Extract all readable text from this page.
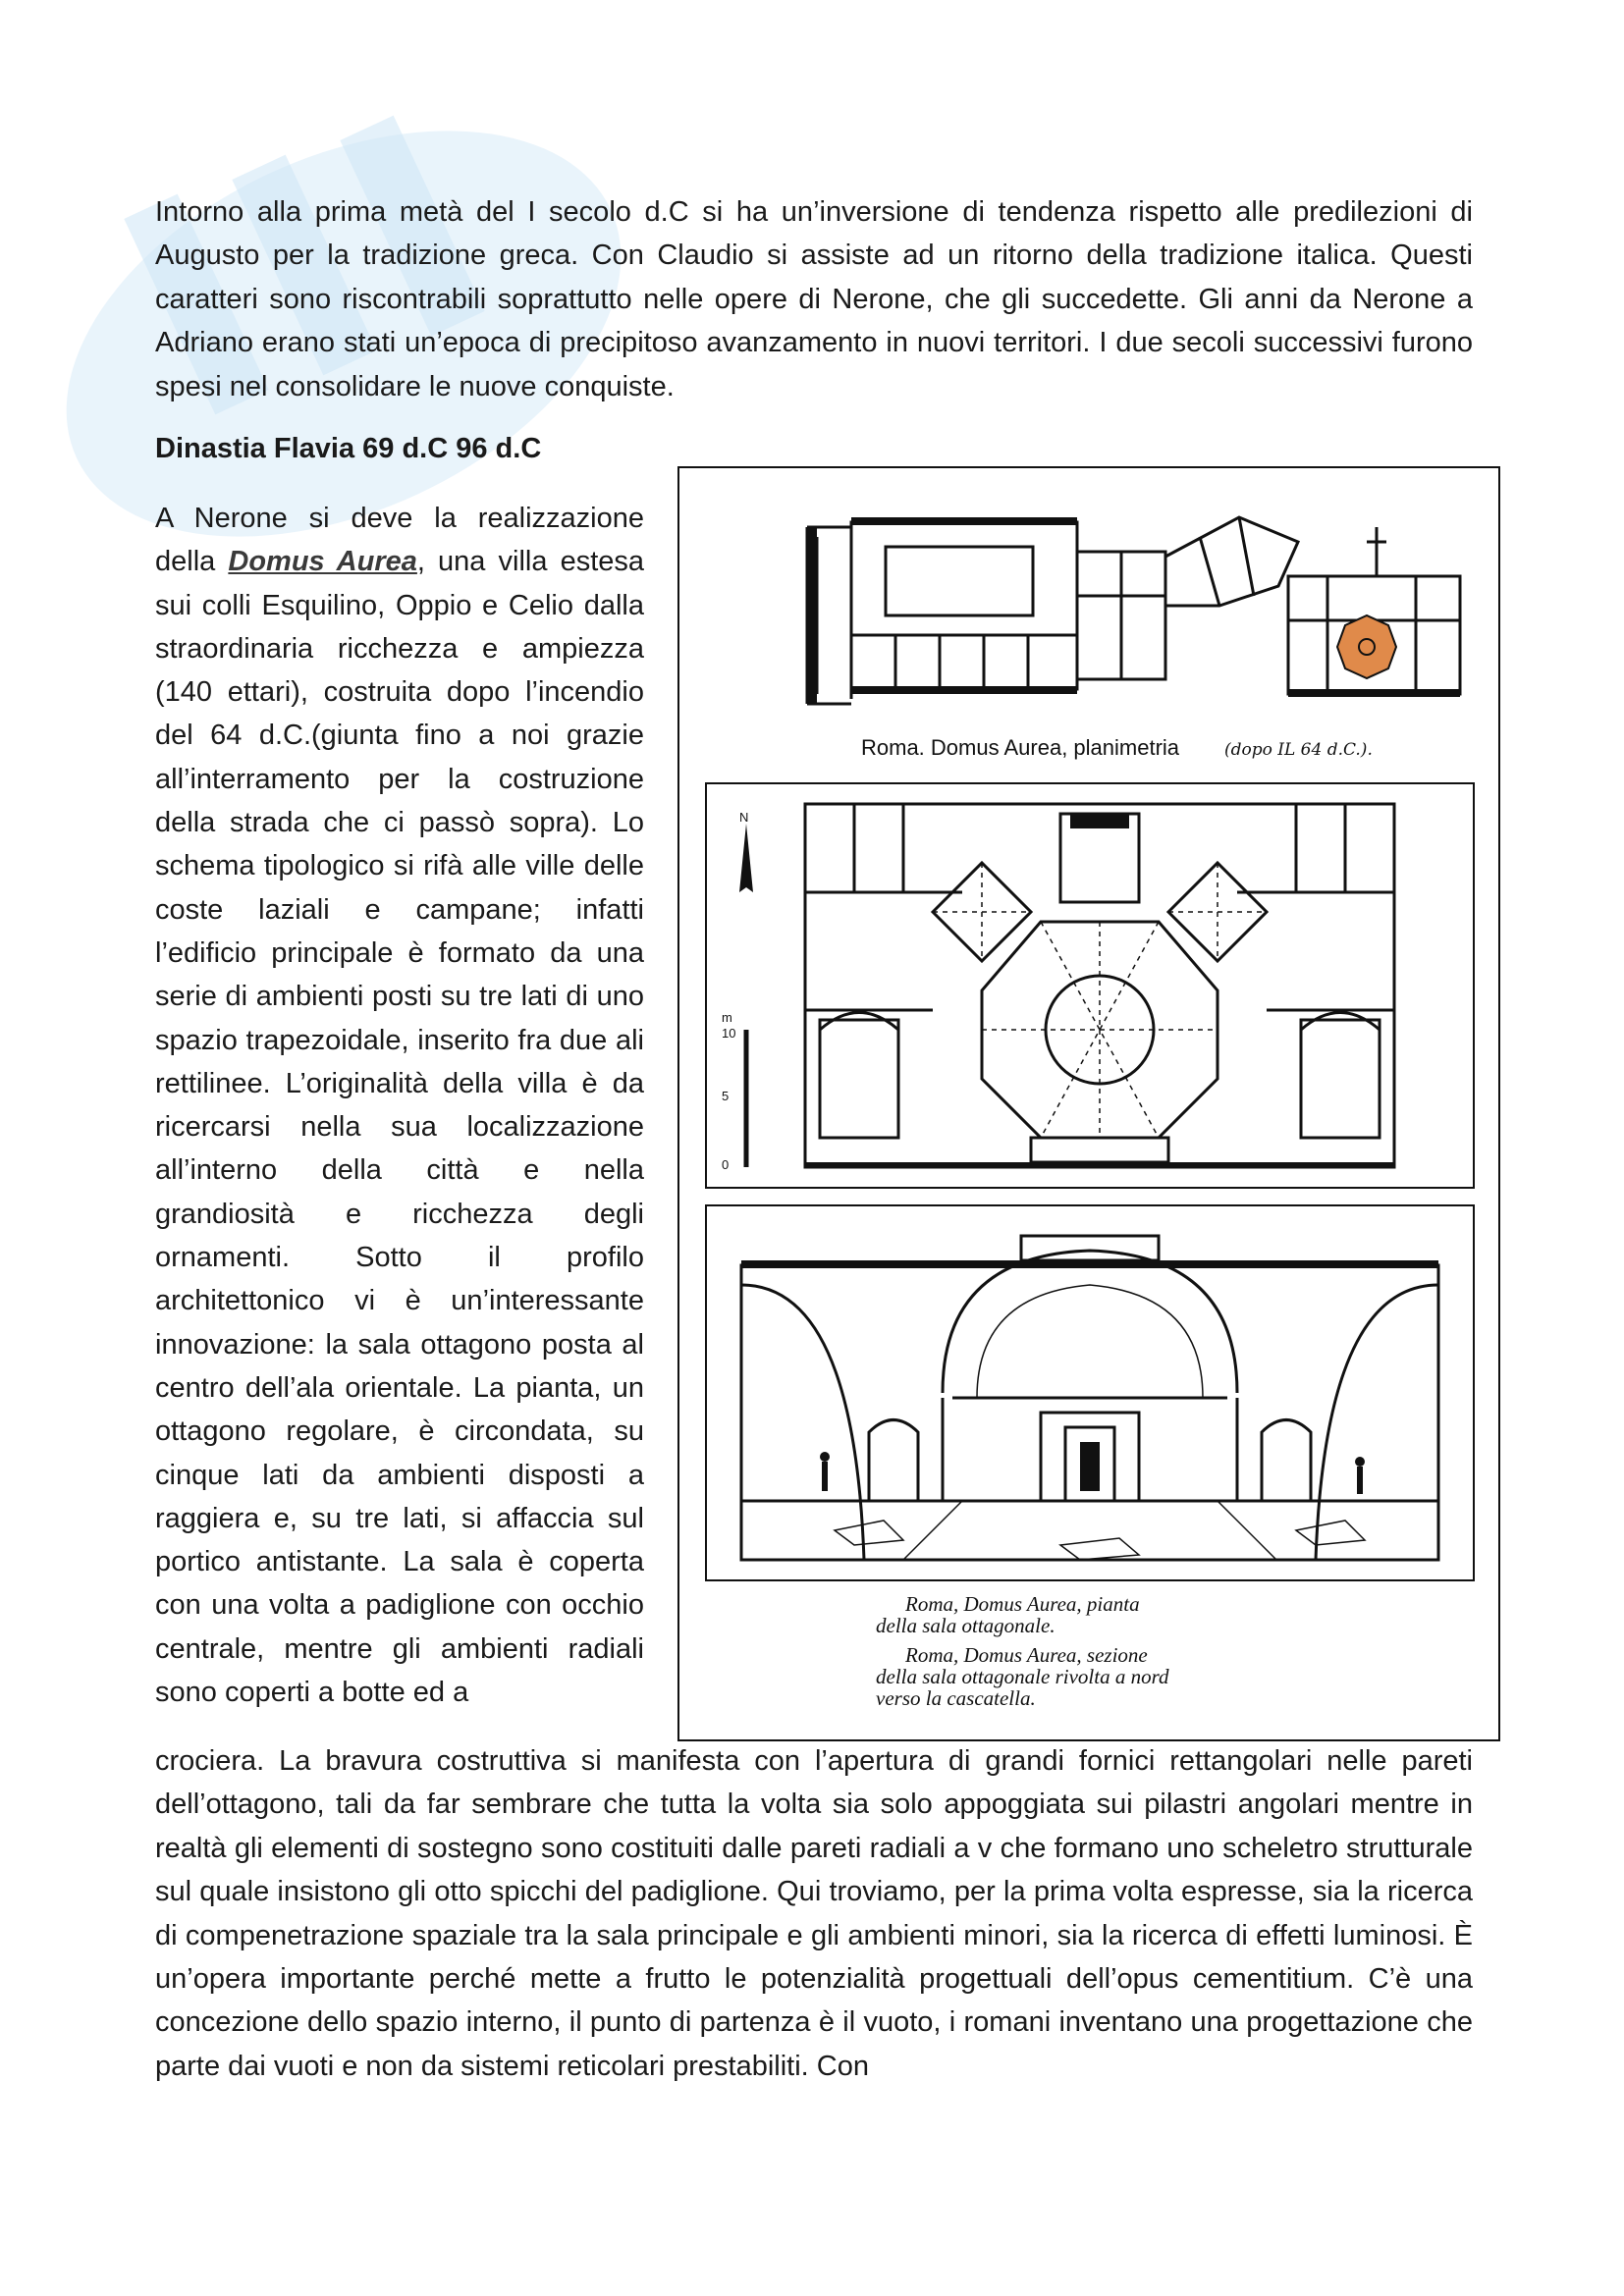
Intorno alla prima metà del I secolo d.C si ha un’inversione di tendenza rispetto alle predilezioni di Augusto per la tradizione greca. Con Claudio si assiste ad un ritorno della tradizione italica. Questi caratteri sono riscontrabili soprattutto nelle opere di Nerone, che gli succedette. Gli anni da Nerone a Adriano erano stati un’epoca di precipitoso avanzamento in nuovi territori. I due secoli successivi furono spesi nel consolidare le nuove conquiste.

Dinastia Flavia 69 d.C 96 d.C
A Nerone si deve la realizzazione della Domus Aurea, una villa estesa sui colli Esquilino, Oppio e Celio dalla straordinaria ricchezza e ampiezza (140 ettari), costruita dopo l’incendio del 64 d.C.(giunta fino a noi grazie all’interramento per la costruzione della strada che ci passò sopra). Lo schema tipologico si rifà alle ville delle coste laziali e campane; infatti l’edificio principale è formato da una serie di ambienti posti su tre lati di uno spazio trapezoidale, inserito fra due ali rettilinee. L’originalità della villa è da ricercarsi nella sua localizzazione all’interno della città e nella grandiosità e ricchezza degli ornamenti. Sotto il profilo architettonico vi è un’interessante innovazione: la sala ottagono posta al centro dell’ala orientale. La pianta, un ottagono regolare, è circondata, su cinque lati da ambienti disposti a raggiera e, su tre lati, si affaccia sul portico antistante. La sala è coperta con una volta a padiglione con occhio centrale, mentre gli ambienti radiali sono coperti a botte ed a

crociera. La bravura costruttiva si manifesta con l’apertura di grandi fornici rettangolari nelle pareti dell’ottagono, tali da far sembrare che tutta la volta sia solo appoggiata sui pilastri angolari mentre in realtà gli elementi di sostegno sono costituiti dalle pareti radiali a v che formano uno scheletro strutturale sul quale insistono gli otto spicchi del padiglione. Qui troviamo, per la prima volta espresse, sia la ricerca di compenetrazione spaziale tra la sala principale e gli ambienti minori, sia la ricerca di effetti luminosi. È un’opera importante perché mette a frutto le potenzialità progettuali dell’opus cementitium. C’è una concezione dello spazio interno, il punto di partenza è il vuoto, i romani inventano una progettazione che parte dai vuoti e non da sistemi reticolari prestabiliti. Con

Roma. Domus Aurea, planimetria	(dopo IL 64 d.C.).
N
0
5
10
m
Roma, Domus Aurea, pianta
della sala ottagonale.
Roma, Domus Aurea, sezione
della sala ottagonale rivolta a nord
verso la cascatella.
